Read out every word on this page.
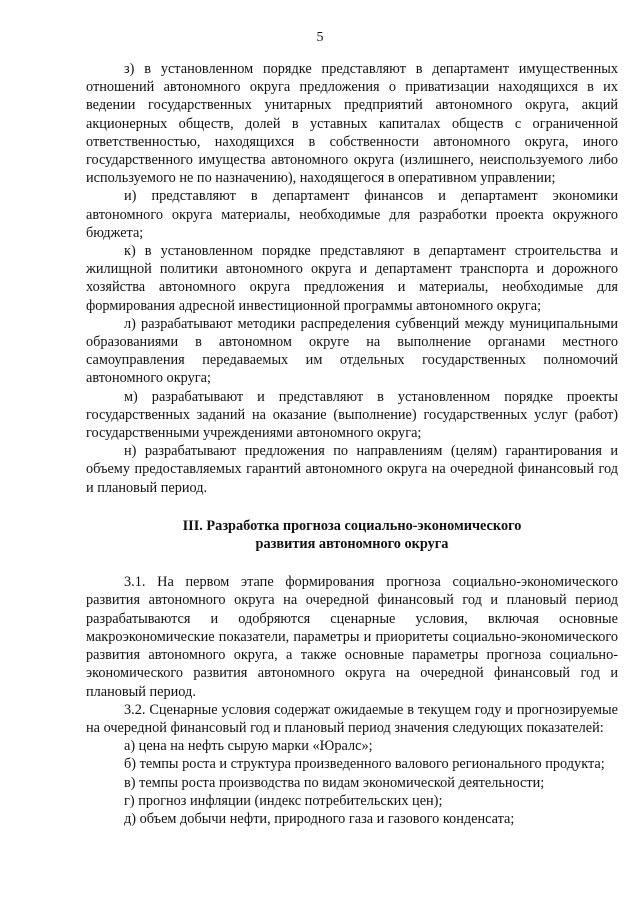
5

з) в установленном порядке представляют в департамент имущественных отношений автономного округа предложения о приватизации находящихся в их ведении государственных унитарных предприятий автономного округа, акций акционерных обществ, долей в уставных капиталах обществ с ограниченной ответственностью, находящихся в собственности автономного округа, иного государственного имущества автономного округа (излишнего, неиспользуемого либо используемого не по назначению), находящегося в оперативном управлении;

и) представляют в департамент финансов и департамент экономики автономного округа материалы, необходимые для разработки проекта окружного бюджета;

к) в установленном порядке представляют в департамент строительства и жилищной политики автономного округа и департамент транспорта и дорожного хозяйства автономного округа предложения и материалы, необходимые для формирования адресной инвестиционной программы автономного округа;

л) разрабатывают методики распределения субвенций между муниципальными образованиями в автономном округе на выполнение органами местного самоуправления передаваемых им отдельных государственных полномочий автономного округа;

м) разрабатывают и представляют в установленном порядке проекты государственных заданий на оказание (выполнение) государственных услуг (работ) государственными учреждениями автономного округа;

н) разрабатывают предложения по направлениям (целям) гарантирования и объему предоставляемых гарантий автономного округа на очередной финансовый год и плановый период.

III. Разработка прогноза социально-экономического
развития автономного округа

3.1. На первом этапе формирования прогноза социально-экономического развития автономного округа на очередной финансовый год и плановый период разрабатываются и одобряются сценарные условия, включая основные макроэкономические показатели, параметры и приоритеты социально-экономического развития автономного округа, а также основные параметры прогноза социально-экономического развития автономного округа на очередной финансовый год и плановый период.

3.2. Сценарные условия содержат ожидаемые в текущем году и прогнозируемые на очередной финансовый год и плановый период значения следующих показателей:

а) цена на нефть сырую марки «Юралс»;

б) темпы роста и структура произведенного валового регионального продукта;

в) темпы роста производства по видам экономической деятельности;

г) прогноз инфляции (индекс потребительских цен);

д) объем добычи нефти, природного газа и газового конденсата;
